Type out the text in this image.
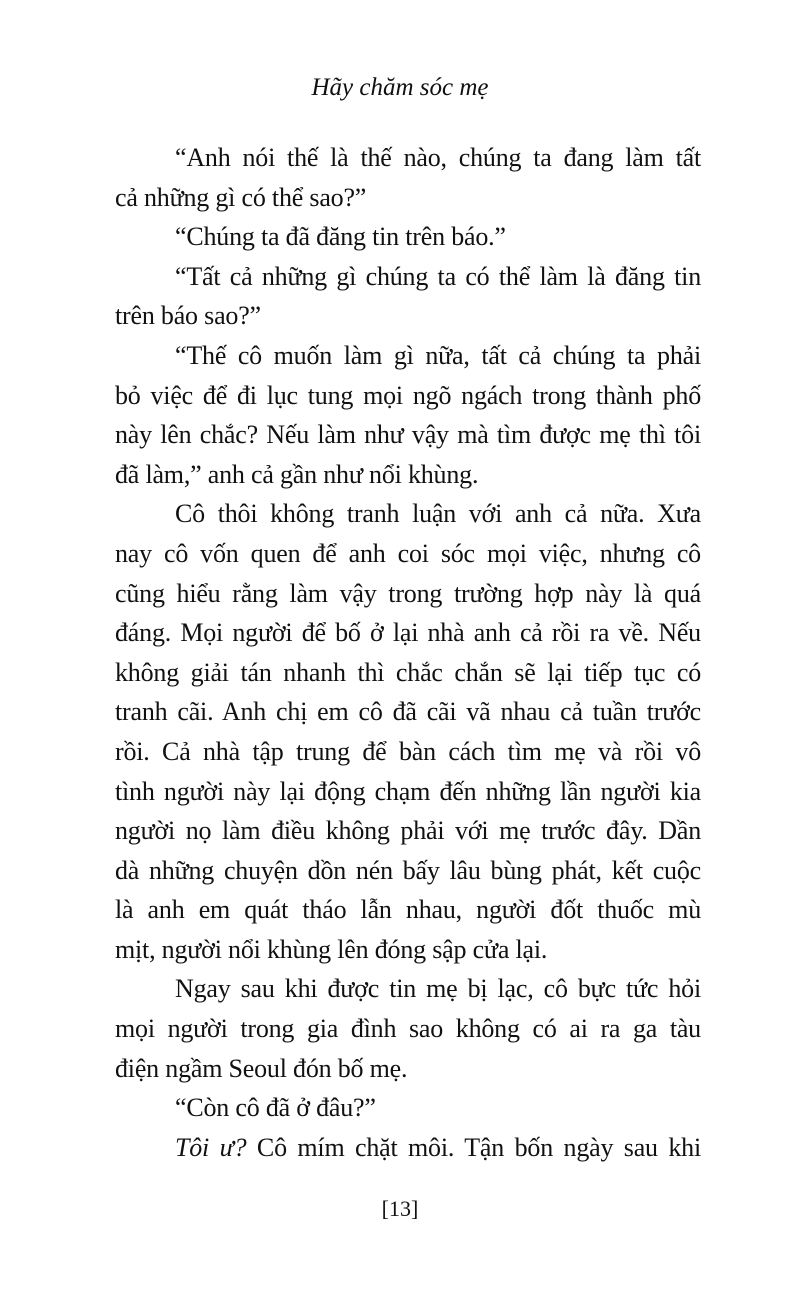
Hãy chăm sóc mẹ
“Anh nói thế là thế nào, chúng ta đang làm tất
cả những gì có thể sao?”
“Chúng ta đã đăng tin trên báo.”
“Tất cả những gì chúng ta có thể làm là đăng tin
trên báo sao?”
“Thế cô muốn làm gì nữa, tất cả chúng ta phải
bỏ việc để đi lục tung mọi ngõ ngách trong thành phố
này lên chắc? Nếu làm như vậy mà tìm được mẹ thì tôi
đã làm,” anh cả gần như nổi khùng.
Cô thôi không tranh luận với anh cả nữa. Xưa
nay cô vốn quen để anh coi sóc mọi việc, nhưng cô
cũng hiểu rằng làm vậy trong trường hợp này là quá
đáng. Mọi người để bố ở lại nhà anh cả rồi ra về. Nếu
không giải tán nhanh thì chắc chắn sẽ lại tiếp tục có
tranh cãi. Anh chị em cô đã cãi vã nhau cả tuần trước
rồi. Cả nhà tập trung để bàn cách tìm mẹ và rồi vô
tình người này lại động chạm đến những lần người kia
người nọ làm điều không phải với mẹ trước đây. Dần
dà những chuyện dồn nén bấy lâu bùng phát, kết cuộc
là anh em quát tháo lẫn nhau, người đốt thuốc mù
mịt, người nổi khùng lên đóng sập cửa lại.
Ngay sau khi được tin mẹ bị lạc, cô bực tức hỏi
mọi người trong gia đình sao không có ai ra ga tàu
điện ngầm Seoul đón bố mẹ.
“Còn cô đã ở đâu?”
Tôi ư? Cô mím chặt môi. Tận bốn ngày sau khi
[13]
